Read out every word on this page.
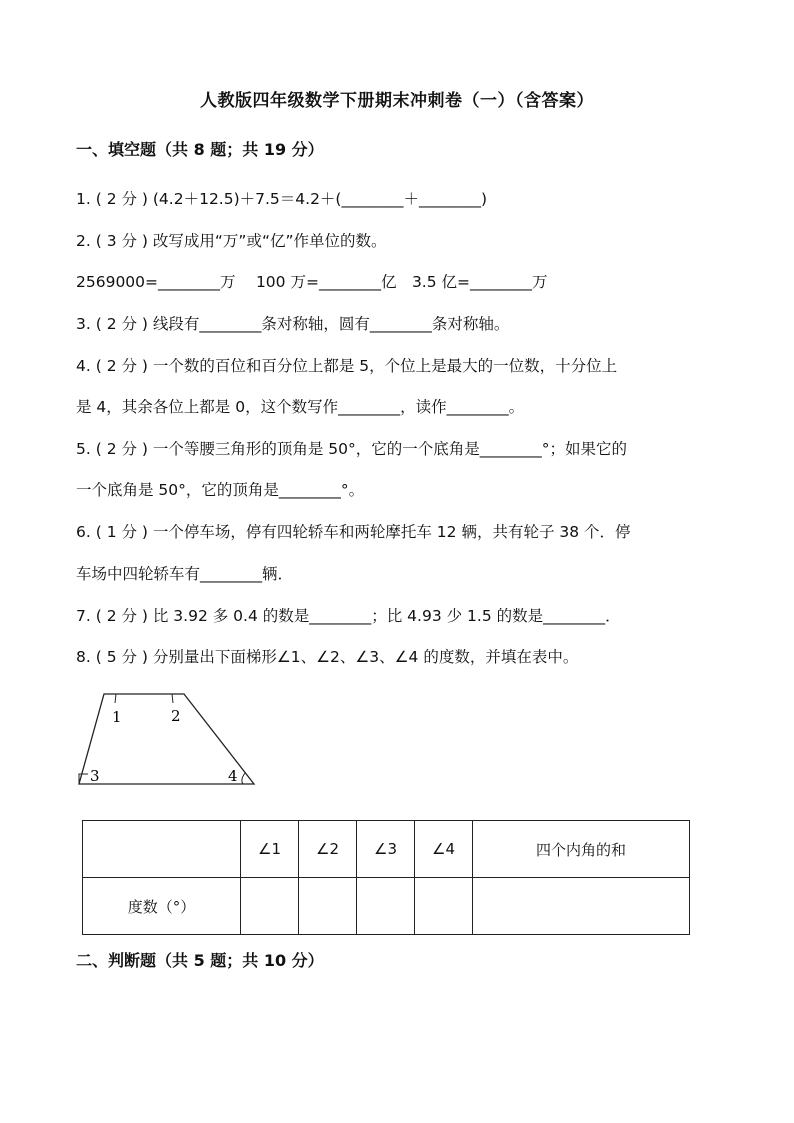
人教版四年级数学下册期末冲刺卷（一）（含答案）
一、填空题（共 8 题；共 19 分）
1. ( 2 分 ) (4.2＋12.5)＋7.5＝4.2＋(________＋________)
2. ( 3 分 ) 改写成用“万”或“亿”作单位的数。
2569000=________万　 100 万=________亿　3.5 亿=________万
3. ( 2 分 ) 线段有________条对称轴，圆有________条对称轴。
4. ( 2 分 ) 一个数的百位和百分位上都是 5，个位上是最大的一位数，十分位上
是 4，其余各位上都是 0，这个数写作________，读作________。
5. ( 2 分 ) 一个等腰三角形的顶角是 50°，它的一个底角是________°；如果它的
一个底角是 50°，它的顶角是________°。
6. ( 1 分 ) 一个停车场，停有四轮轿车和两轮摩托车 12 辆，共有轮子 38 个．停
车场中四轮轿车有________辆．
7. ( 2 分 ) 比 3.92 多 0.4 的数是________；比 4.93 少 1.5 的数是________．
8. ( 5 分 ) 分别量出下面梯形∠1、∠2、∠3、∠4 的度数，并填在表中。
1	2
3	4
	∠1	∠2	∠3	∠4	四个内角的和
度数（°）					
二、判断题（共 5 题；共 10 分）
